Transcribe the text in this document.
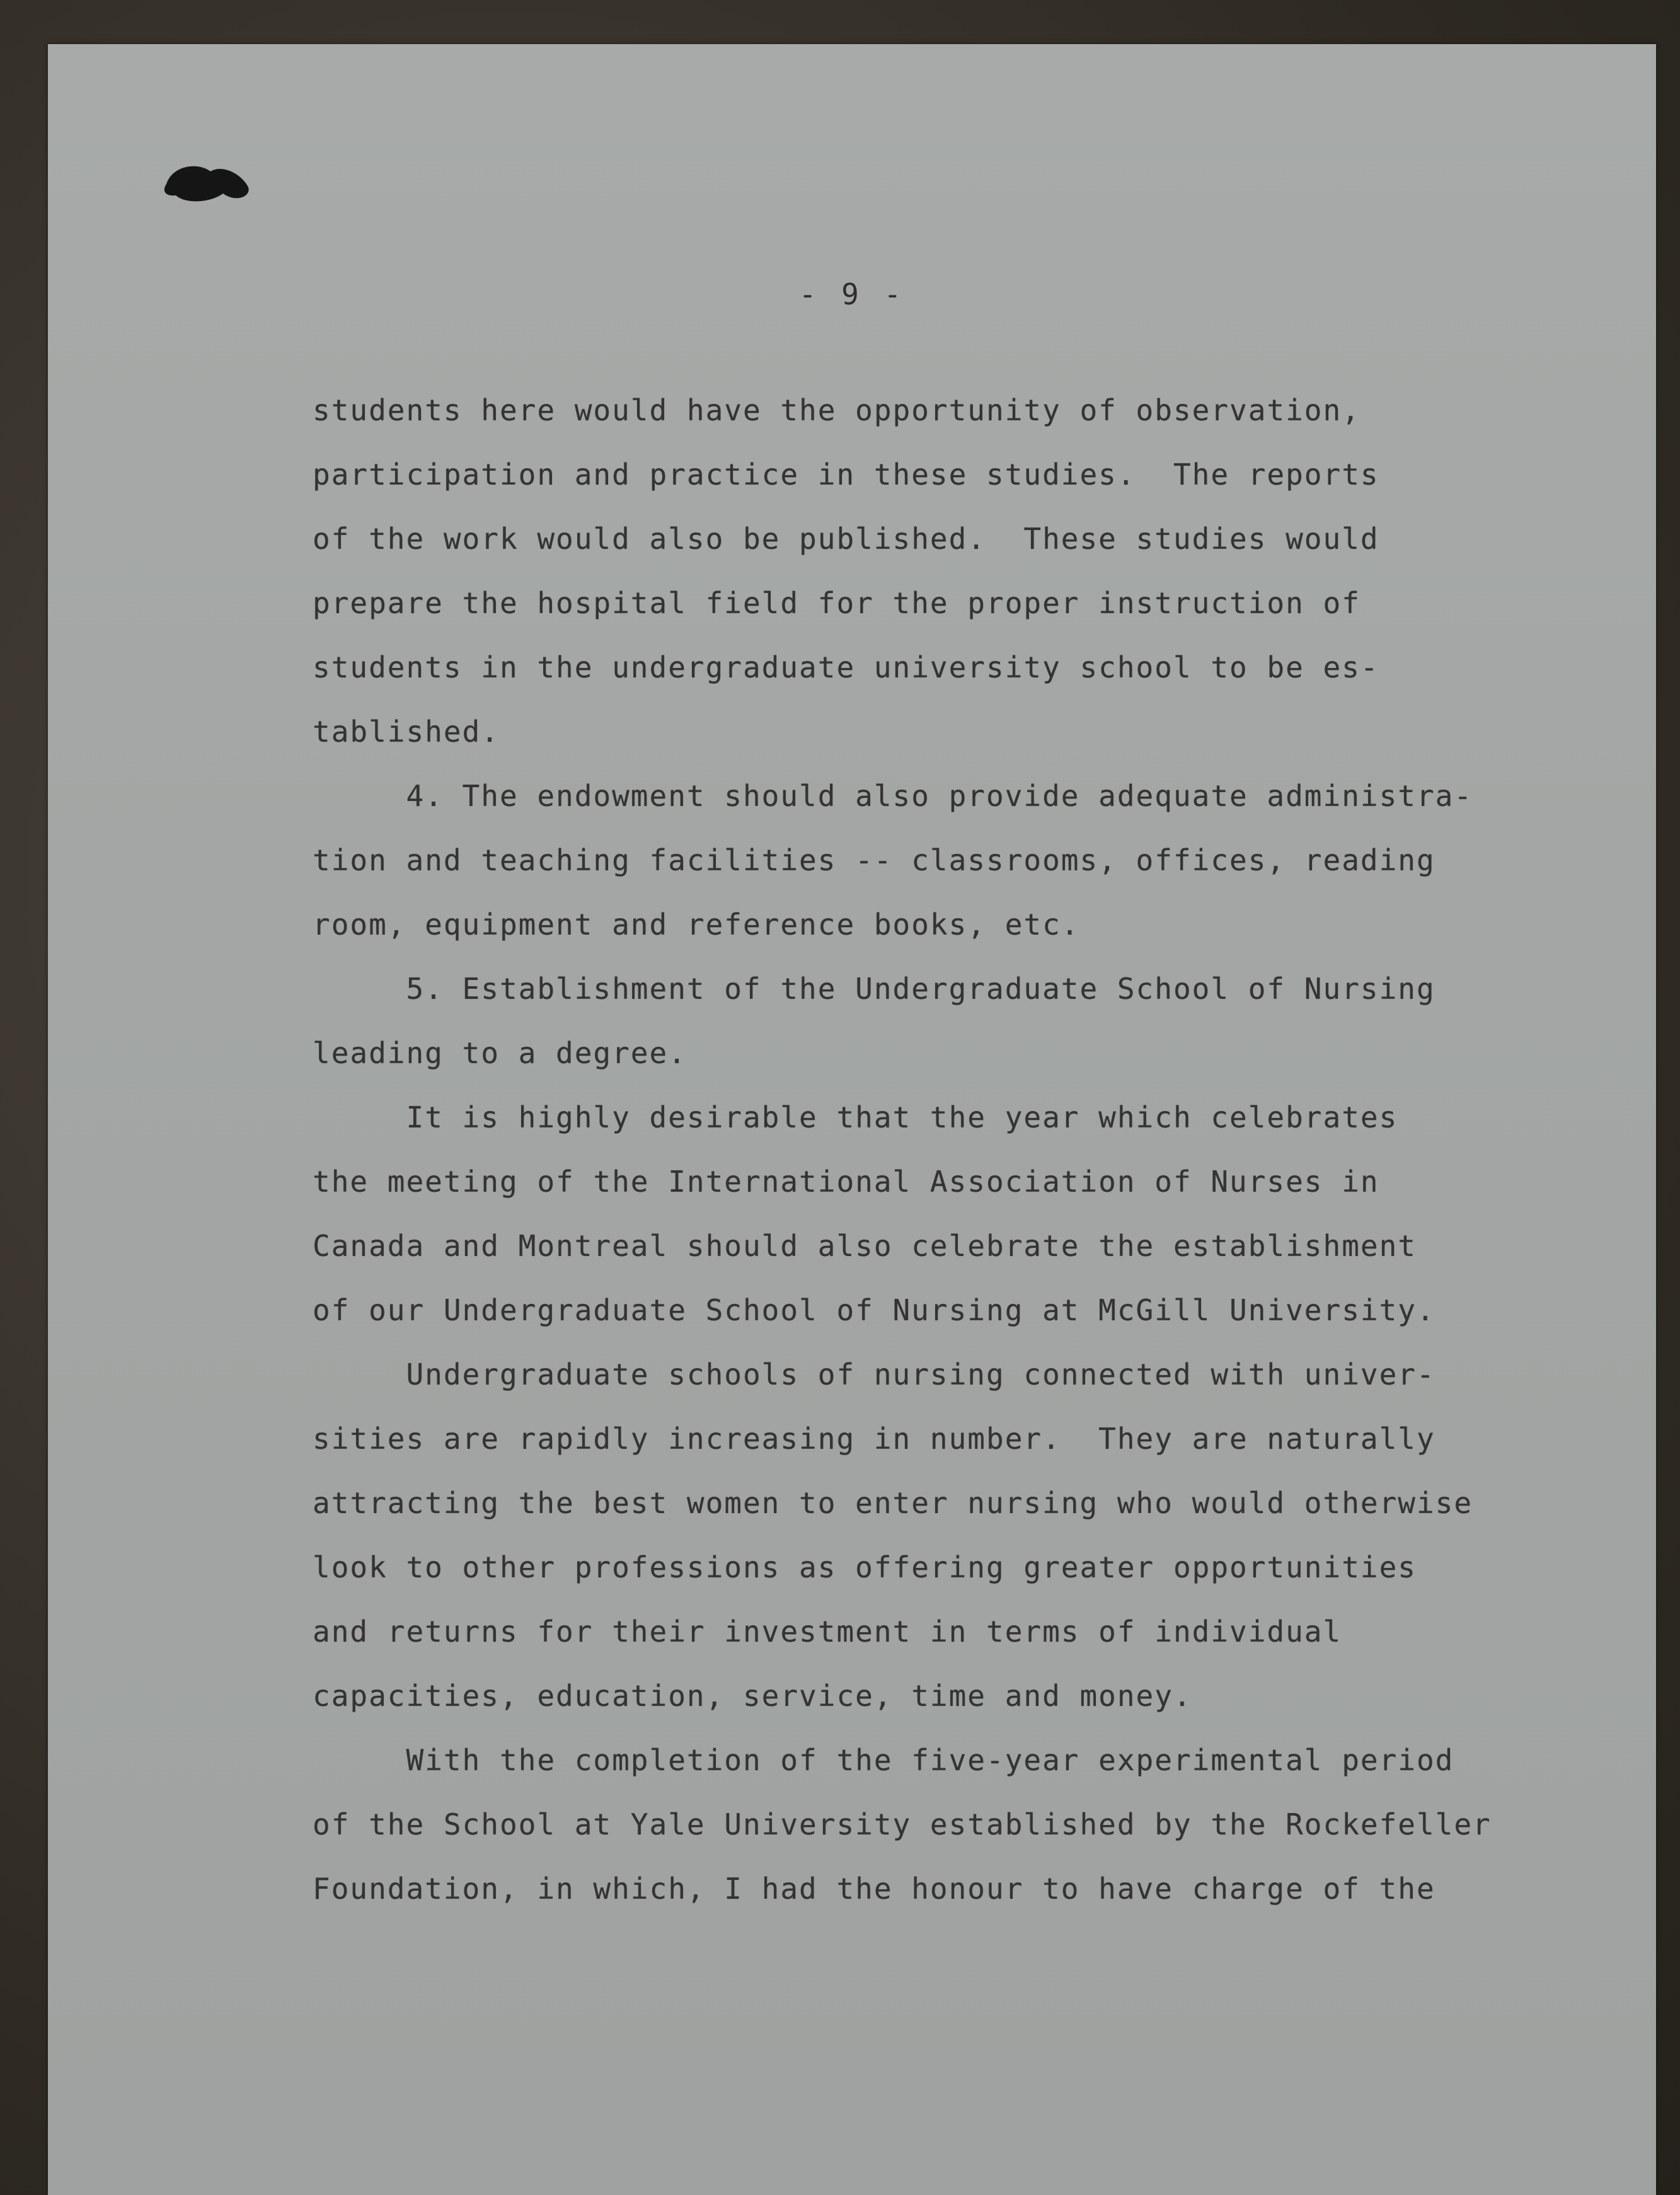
- 9 -
students here would have the opportunity of observation,
participation and practice in these studies.  The reports
of the work would also be published.  These studies would
prepare the hospital field for the proper instruction of
students in the undergraduate university school to be es-
tablished.
4. The endowment should also provide adequate administra-
tion and teaching facilities -- classrooms, offices, reading
room, equipment and reference books, etc.
5. Establishment of the Undergraduate School of Nursing
leading to a degree.
It is highly desirable that the year which celebrates
the meeting of the International Association of Nurses in
Canada and Montreal should also celebrate the establishment
of our Undergraduate School of Nursing at McGill University.
Undergraduate schools of nursing connected with univer-
sities are rapidly increasing in number.  They are naturally
attracting the best women to enter nursing who would otherwise
look to other professions as offering greater opportunities
and returns for their investment in terms of individual
capacities, education, service, time and money.
With the completion of the five-year experimental period
of the School at Yale University established by the Rockefeller
Foundation, in which, I had the honour to have charge of the
